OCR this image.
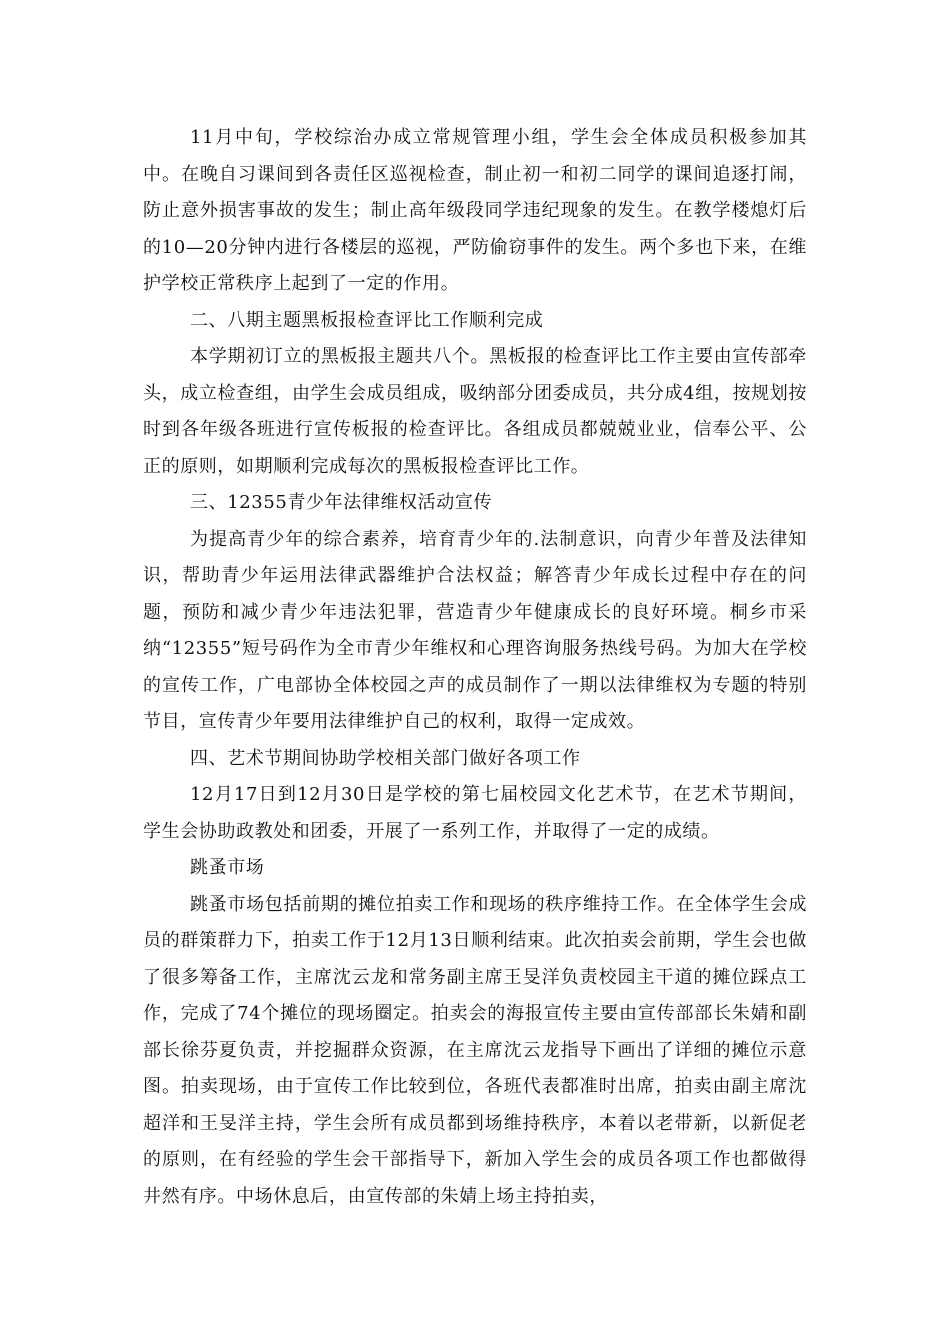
11月中旬，学校综治办成立常规管理小组，学生会全体成员积极参加其中。在晚自习课间到各责任区巡视检查，制止初一和初二同学的课间追逐打闹，防止意外损害事故的发生；制止高年级段同学违纪现象的发生。在教学楼熄灯后的10—20分钟内进行各楼层的巡视，严防偷窃事件的发生。两个多也下来，在维护学校正常秩序上起到了一定的作用。

二、八期主题黑板报检查评比工作顺利完成

本学期初订立的黑板报主题共八个。黑板报的检查评比工作主要由宣传部牵头，成立检查组，由学生会成员组成，吸纳部分团委成员，共分成4组，按规划按时到各年级各班进行宣传板报的检查评比。各组成员都兢兢业业，信奉公平、公正的原则，如期顺利完成每次的黑板报检查评比工作。

三、12355青少年法律维权活动宣传

为提高青少年的综合素养，培育青少年的.法制意识，向青少年普及法律知识，帮助青少年运用法律武器维护合法权益；解答青少年成长过程中存在的问题，预防和减少青少年违法犯罪，营造青少年健康成长的良好环境。桐乡市采纳“12355”短号码作为全市青少年维权和心理咨询服务热线号码。为加大在学校的宣传工作，广电部协全体校园之声的成员制作了一期以法律维权为专题的特别节目，宣传青少年要用法律维护自己的权利，取得一定成效。

四、艺术节期间协助学校相关部门做好各项工作

12月17日到12月30日是学校的第七届校园文化艺术节，在艺术节期间，学生会协助政教处和团委，开展了一系列工作，并取得了一定的成绩。

跳蚤市场

跳蚤市场包括前期的摊位拍卖工作和现场的秩序维持工作。在全体学生会成员的群策群力下，拍卖工作于12月13日顺利结束。此次拍卖会前期，学生会也做了很多筹备工作，主席沈云龙和常务副主席王旻洋负责校园主干道的摊位踩点工作，完成了74个摊位的现场圈定。拍卖会的海报宣传主要由宣传部部长朱婧和副部长徐芬夏负责，并挖掘群众资源，在主席沈云龙指导下画出了详细的摊位示意图。拍卖现场，由于宣传工作比较到位，各班代表都准时出席，拍卖由副主席沈超洋和王旻洋主持，学生会所有成员都到场维持秩序，本着以老带新，以新促老的原则，在有经验的学生会干部指导下，新加入学生会的成员各项工作也都做得井然有序。中场休息后，由宣传部的朱婧上场主持拍卖，
